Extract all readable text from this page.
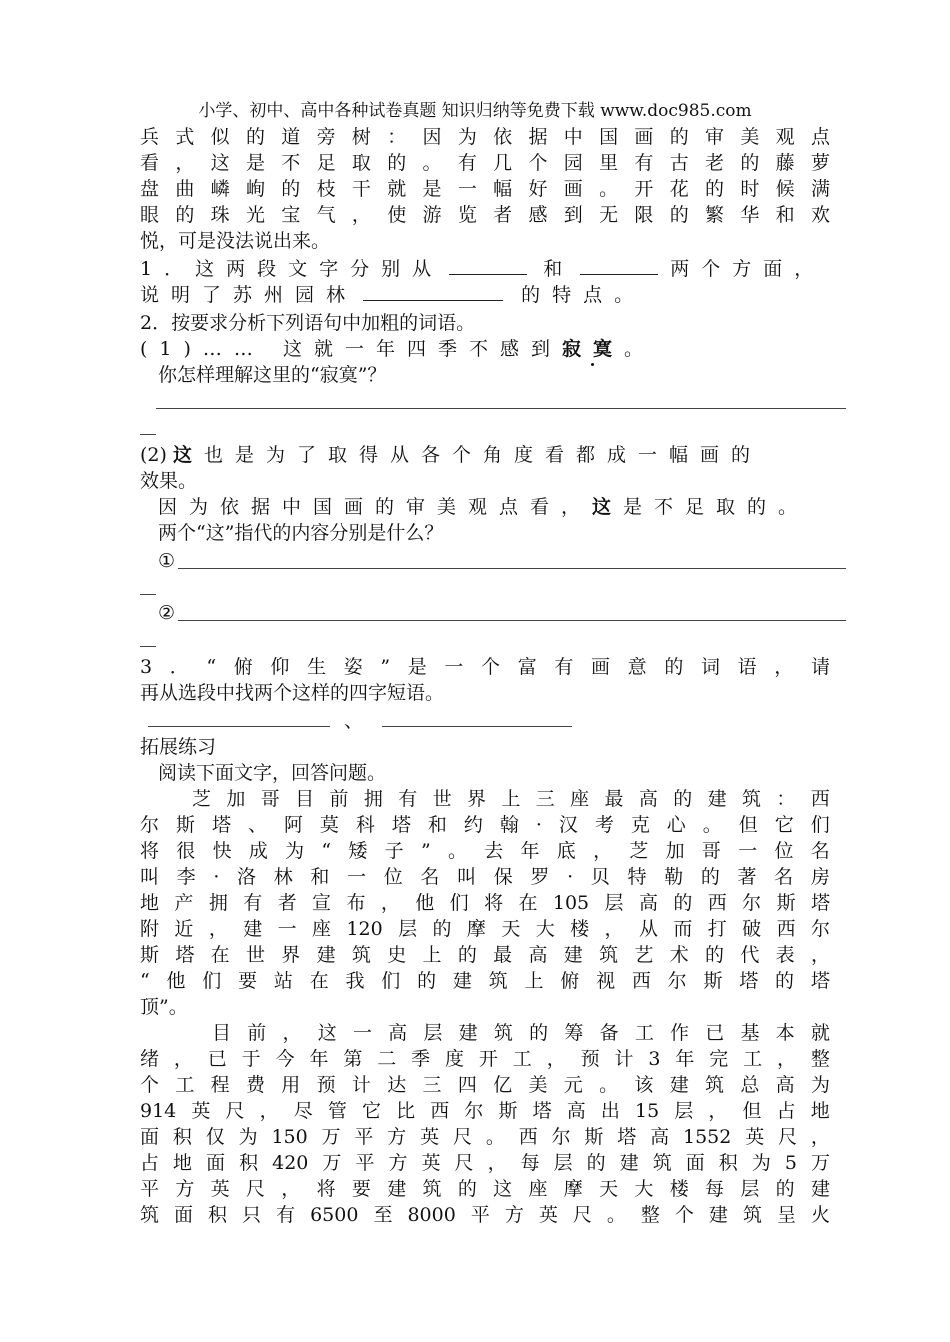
小学、初中、高中各种试卷真题 知识归纳等免费下载 www.doc985.com
兵 式 似 的 道 旁 树 ： 因 为 依 据 中 国 画 的 审 美 观 点
看 ， 这 是 不 足 取 的 。 有 几 个 园 里 有 古 老 的 藤 萝
盘 曲 嶙 峋 的 枝 干 就 是 一 幅 好 画 。 开 花 的 时 候 满
眼 的 珠 光 宝 气 ， 使 游 览 者 感 到 无 限 的 繁 华 和 欢
悦，可是没法说出来。
1．这两段文字分别从	和	两个方面，
说明了苏州园林	的特点。
2．按要求分析下列语句中加粗的词语。
(1)…… 这就一年四季不感到寂寞。
你怎样理解这里的“寂寞”？
(2) 这也是为了取得从各个角度看都成一幅画的
效果。
因为依据中国画的审美观点看，这是不足取的。
两个“这”指代的内容分别是什么？
①
②
3 ． “ 俯 仰 生 姿 ” 是 一 个 富 有 画 意 的 词 语 ， 请
再从选段中找两个这样的四字短语。
、
拓展练习
阅读下面文字，回答问题。
芝 加 哥 目 前 拥 有 世 界 上 三 座 最 高 的 建 筑 ： 西
尔 斯 塔 、 阿 莫 科 塔 和 约 翰 · 汉 考 克 心 。 但 它 们
将 很 快 成 为 “ 矮 子 ” 。 去 年 底 ， 芝 加 哥 一 位 名
叫 李 · 洛 林 和 一 位 名 叫 保 罗 · 贝 特 勒 的 著 名 房
地 产 拥 有 者 宣 布 ， 他 们 将 在 105 层 高 的 西 尔 斯 塔
附 近 ， 建 一 座 120 层 的 摩 天 大 楼 ， 从 而 打 破 西 尔
斯 塔 在 世 界 建 筑 史 上 的 最 高 建 筑 艺 术 的 代 表 ，
“ 他 们 要 站 在 我 们 的 建 筑 上 俯 视 西 尔 斯 塔 的 塔
顶”。
目 前 ， 这 一 高 层 建 筑 的 筹 备 工 作 已 基 本 就
绪 ， 已 于 今 年 第 二 季 度 开 工 ， 预 计 3 年 完 工 ， 整
个 工 程 费 用 预 计 达 三 四 亿 美 元 。 该 建 筑 总 高 为
914 英 尺 ， 尽 管 它 比 西 尔 斯 塔 高 出 15 层 ， 但 占 地
面 积 仅 为 150 万 平 方 英 尺 。 西 尔 斯 塔 高 1552 英 尺 ，
占 地 面 积 420 万 平 方 英 尺 ， 每 层 的 建 筑 面 积 为 5 万
平 方 英 尺 ， 将 要 建 筑 的 这 座 摩 天 大 楼 每 层 的 建
筑 面 积 只 有 6500 至 8000 平 方 英 尺 。 整 个 建 筑 呈 火
